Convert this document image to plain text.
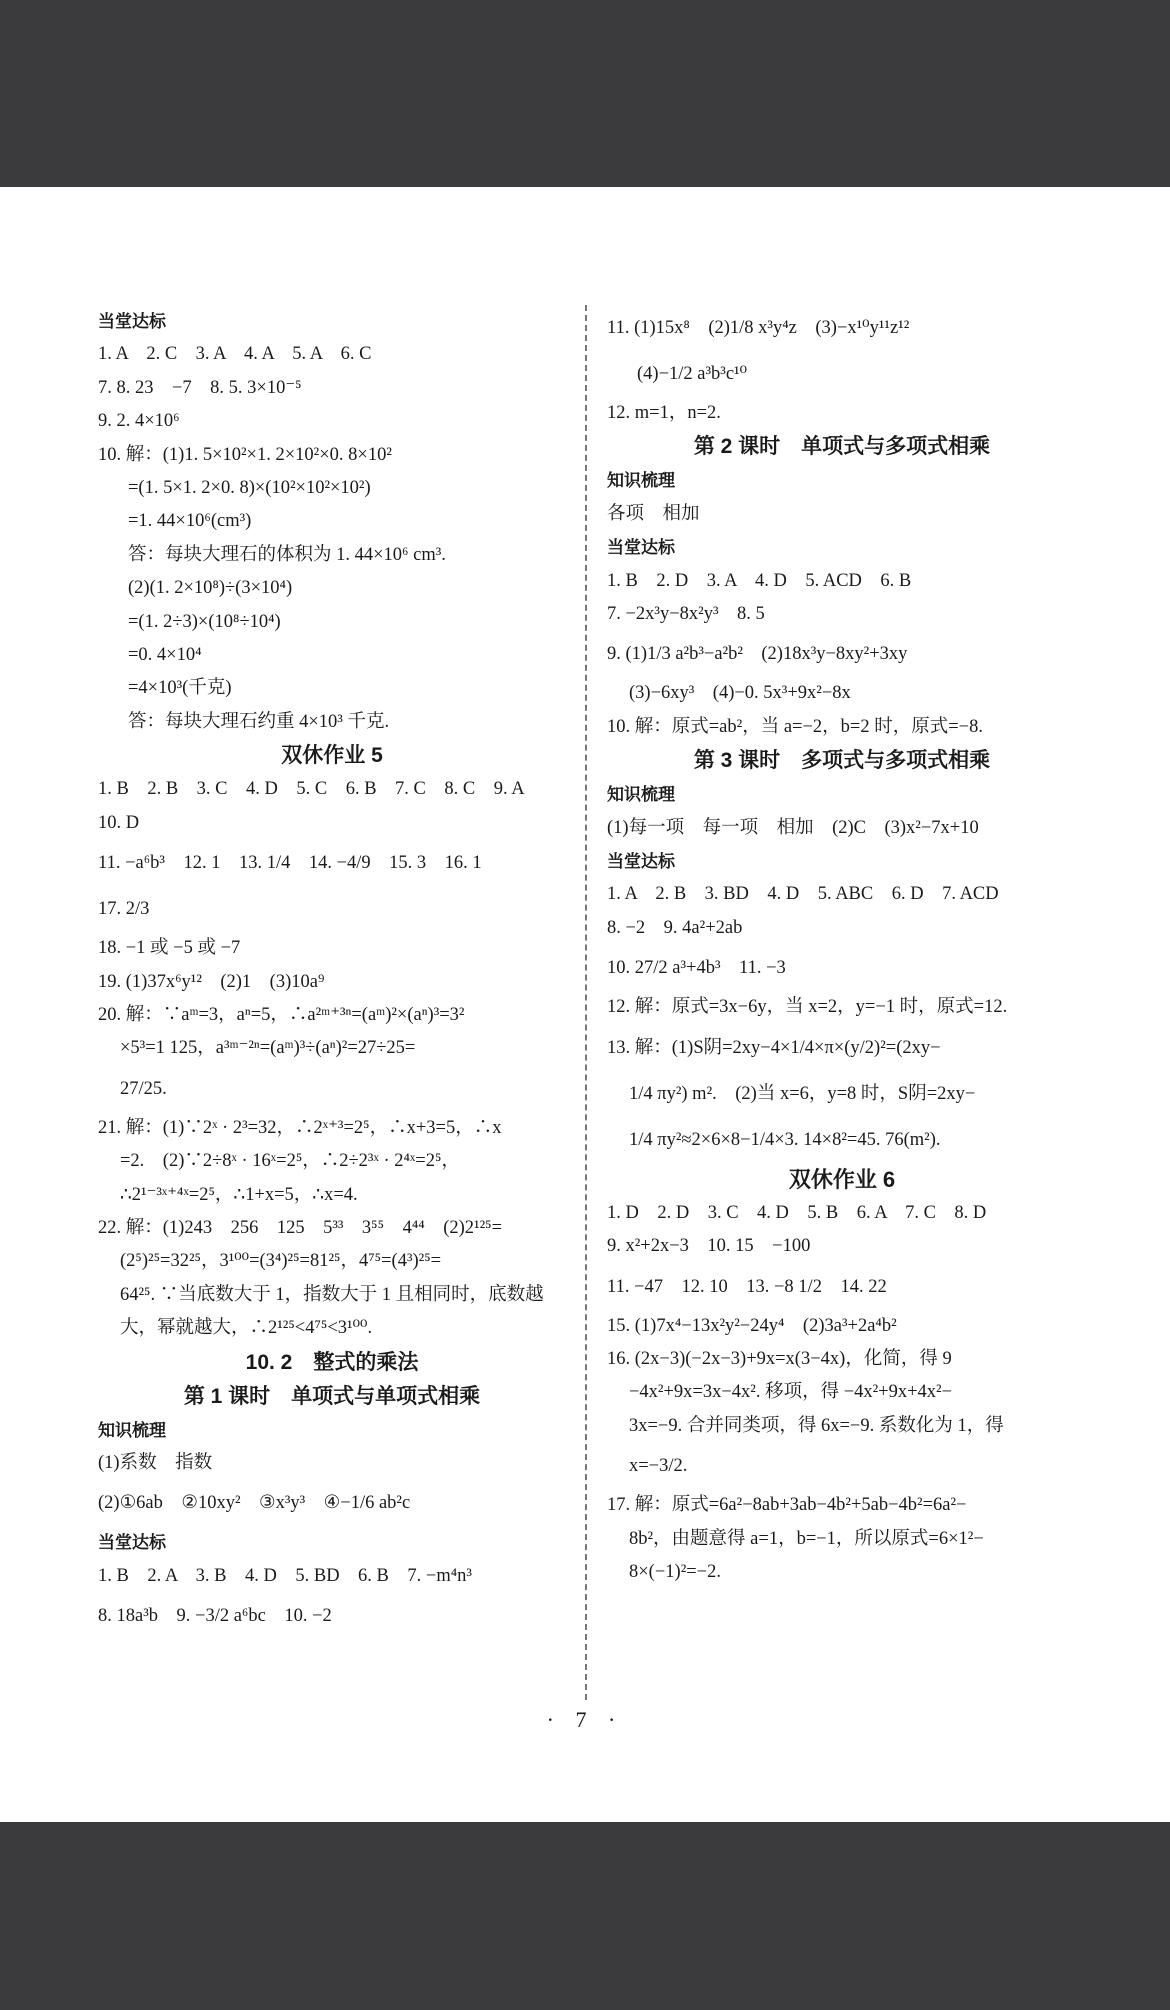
当堂达标
1. A　2. C　3. A　4. A　5. A　6. C
7. 8. 23　−7　8. 5. 3×10⁻⁵
9. 2. 4×10⁶
10. 解：(1)1. 5×10²×1. 2×10²×0. 8×10²
=(1. 5×1. 2×0. 8)×(10²×10²×10²)
=1. 44×10⁶(cm³)
答：每块大理石的体积为 1. 44×10⁶ cm³.
(2)(1. 2×10⁸)÷(3×10⁴)
=(1. 2÷3)×(10⁸÷10⁴)
=0. 4×10⁴
=4×10³(千克)
答：每块大理石约重 4×10³ 千克.
双休作业 5
1. B　2. B　3. C　4. D　5. C　6. B　7. C　8. C　9. A
10. D
11. −a⁶b³　12. 1　13. 1/4　14. −4/9　15. 3　16. 1
17. 2/3
18. −1 或 −5 或 −7
19. (1)37x⁶y¹²　(2)1　(3)10a⁹
20. 解：∵aᵐ=3，aⁿ=5，∴a²ᵐ⁺³ⁿ=(aᵐ)²×(aⁿ)³=3²
×5³=1 125，a³ᵐ⁻²ⁿ=(aᵐ)³÷(aⁿ)²=27÷25=
27/25.
21. 解：(1)∵2ˣ · 2³=32，∴2ˣ⁺³=2⁵，∴x+3=5，∴x
=2.　(2)∵2÷8ˣ · 16ˣ=2⁵，∴2÷2³ˣ · 2⁴ˣ=2⁵，
∴2¹⁻³ˣ⁺⁴ˣ=2⁵，∴1+x=5，∴x=4.
22. 解：(1)243　256　125　5³³　3⁵⁵　4⁴⁴　(2)2¹²⁵=
(2⁵)²⁵=32²⁵，3¹⁰⁰=(3⁴)²⁵=81²⁵，4⁷⁵=(4³)²⁵=
64²⁵. ∵当底数大于 1，指数大于 1 且相同时，底数越
大，幂就越大，∴2¹²⁵<4⁷⁵<3¹⁰⁰.
10. 2　整式的乘法
第 1 课时　单项式与单项式相乘
知识梳理
(1)系数　指数
(2)①6ab　②10xy²　③x³y³　④−1/6 ab²c
当堂达标
1. B　2. A　3. B　4. D　5. BD　6. B　7. −m⁴n³
8. 18a³b　9. −3/2 a⁶bc　10. −2
11. (1)15x⁸　(2)1/8 x³y⁴z　(3)−x¹⁰y¹¹z¹²
(4)−1/2 a³b³c¹⁰
12. m=1，n=2.
第 2 课时　单项式与多项式相乘
知识梳理
各项　相加
当堂达标
1. B　2. D　3. A　4. D　5. ACD　6. B
7. −2x³y−8x²y³　8. 5
9. (1)1/3 a²b³−a²b²　(2)18x³y−8xy²+3xy
(3)−6xy³　(4)−0. 5x³+9x²−8x
10. 解：原式=ab²，当 a=−2，b=2 时，原式=−8.
第 3 课时　多项式与多项式相乘
知识梳理
(1)每一项　每一项　相加　(2)C　(3)x²−7x+10
当堂达标
1. A　2. B　3. BD　4. D　5. ABC　6. D　7. ACD
8. −2　9. 4a²+2ab
10. 27/2 a³+4b³　11. −3
12. 解：原式=3x−6y，当 x=2，y=−1 时，原式=12.
13. 解：(1)S阴=2xy−4×1/4×π×(y/2)²=(2xy−
1/4 πy²) m².　(2)当 x=6，y=8 时，S阴=2xy−
1/4 πy²≈2×6×8−1/4×3. 14×8²=45. 76(m²).
双休作业 6
1. D　2. D　3. C　4. D　5. B　6. A　7. C　8. D
9. x²+2x−3　10. 15　−100
11. −47　12. 10　13. −8 1/2　14. 22
15. (1)7x⁴−13x²y²−24y⁴　(2)3a³+2a⁴b²
16. (2x−3)(−2x−3)+9x=x(3−4x)，化简，得 9
−4x²+9x=3x−4x². 移项，得 −4x²+9x+4x²−
3x=−9. 合并同类项，得 6x=−9. 系数化为 1，得
x=−3/2.
17. 解：原式=6a²−8ab+3ab−4b²+5ab−4b²=6a²−
8b²，由题意得 a=1，b=−1，所以原式=6×1²−
8×(−1)²=−2.
· 7 ·
